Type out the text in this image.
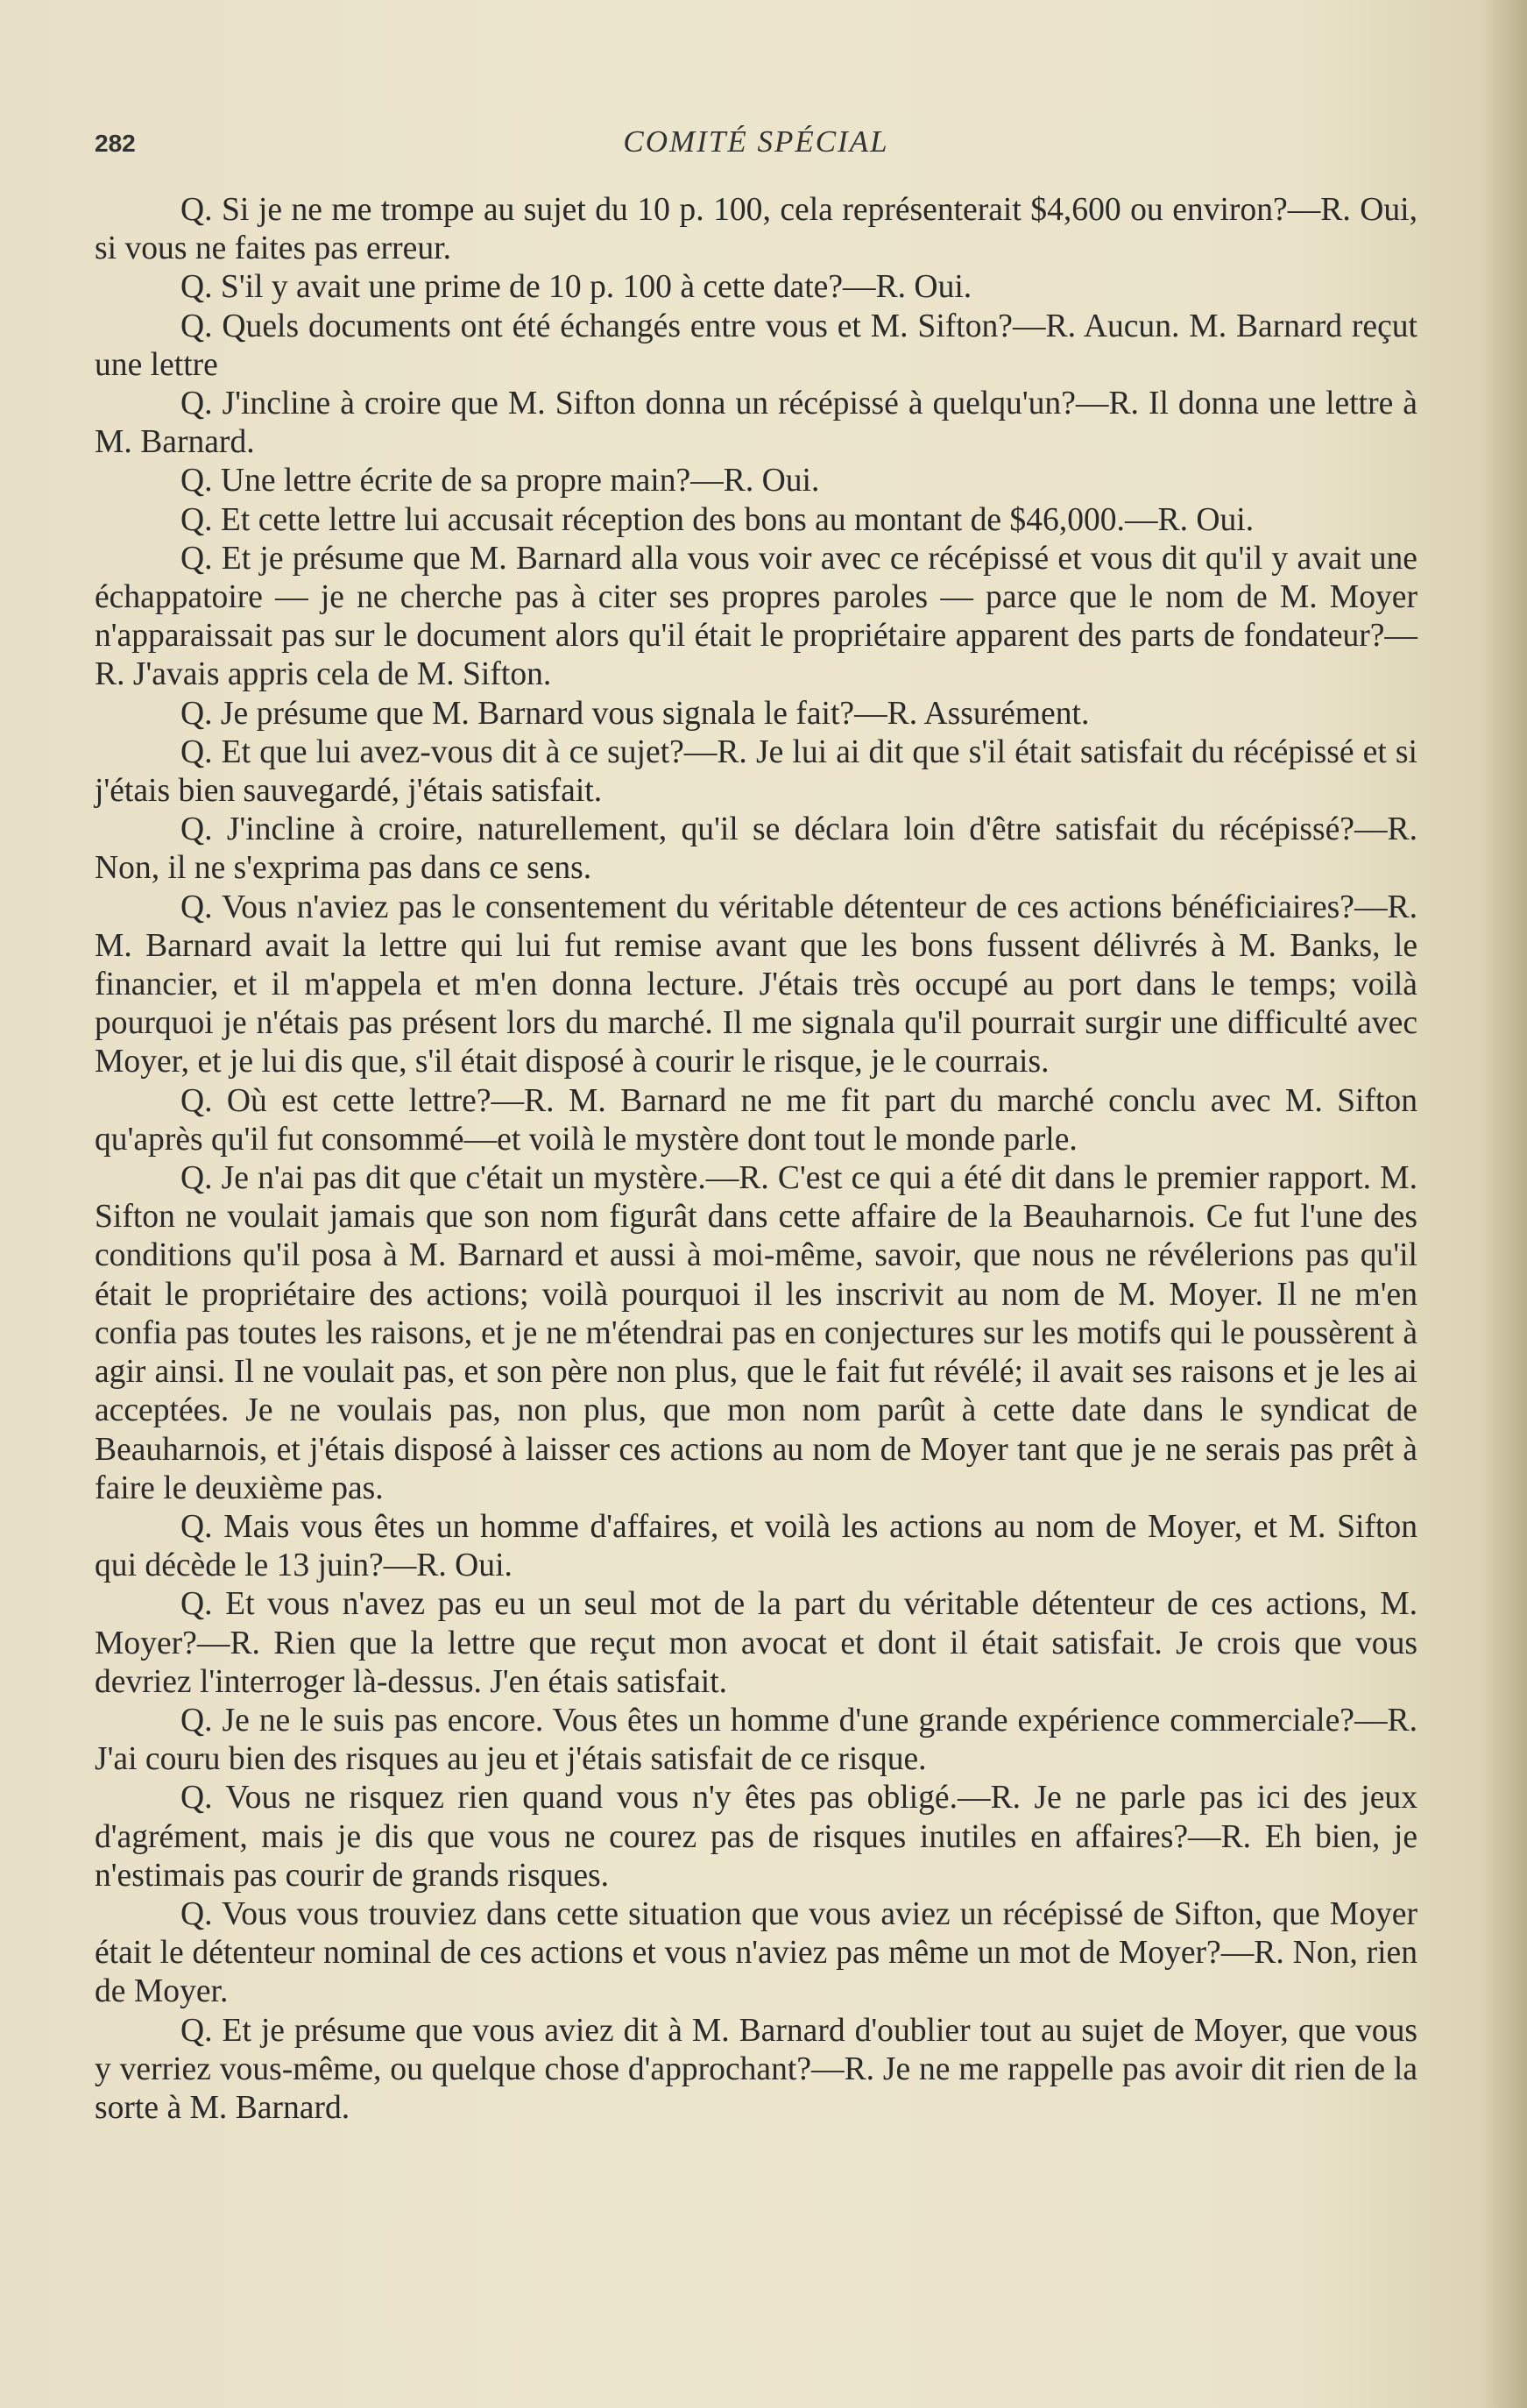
282	COMITÉ SPÉCIAL

Q. Si je ne me trompe au sujet du 10 p. 100, cela représenterait $4,600 ou environ?—R. Oui, si vous ne faites pas erreur.

Q. S'il y avait une prime de 10 p. 100 à cette date?—R. Oui.

Q. Quels documents ont été échangés entre vous et M. Sifton?—R. Aucun. M. Barnard reçut une lettre

Q. J'incline à croire que M. Sifton donna un récépissé à quelqu'un?—R. Il donna une lettre à M. Barnard.

Q. Une lettre écrite de sa propre main?—R. Oui.

Q. Et cette lettre lui accusait réception des bons au montant de $46,000.—R. Oui.

Q. Et je présume que M. Barnard alla vous voir avec ce récépissé et vous dit qu'il y avait une échappatoire — je ne cherche pas à citer ses propres paroles — parce que le nom de M. Moyer n'apparaissait pas sur le document alors qu'il était le propriétaire apparent des parts de fondateur?—R. J'avais appris cela de M. Sifton.

Q. Je présume que M. Barnard vous signala le fait?—R. Assurément.

Q. Et que lui avez-vous dit à ce sujet?—R. Je lui ai dit que s'il était satisfait du récépissé et si j'étais bien sauvegardé, j'étais satisfait.

Q. J'incline à croire, naturellement, qu'il se déclara loin d'être satisfait du récépissé?—R. Non, il ne s'exprima pas dans ce sens.

Q. Vous n'aviez pas le consentement du véritable détenteur de ces actions bénéficiaires?—R. M. Barnard avait la lettre qui lui fut remise avant que les bons fussent délivrés à M. Banks, le financier, et il m'appela et m'en donna lecture. J'étais très occupé au port dans le temps; voilà pourquoi je n'étais pas présent lors du marché. Il me signala qu'il pourrait surgir une difficulté avec Moyer, et je lui dis que, s'il était disposé à courir le risque, je le courrais.

Q. Où est cette lettre?—R. M. Barnard ne me fit part du marché conclu avec M. Sifton qu'après qu'il fut consommé—et voilà le mystère dont tout le monde parle.

Q. Je n'ai pas dit que c'était un mystère.—R. C'est ce qui a été dit dans le premier rapport. M. Sifton ne voulait jamais que son nom figurât dans cette affaire de la Beauharnois. Ce fut l'une des conditions qu'il posa à M. Barnard et aussi à moi-même, savoir, que nous ne révélerions pas qu'il était le propriétaire des actions; voilà pourquoi il les inscrivit au nom de M. Moyer. Il ne m'en confia pas toutes les raisons, et je ne m'étendrai pas en conjectures sur les motifs qui le poussèrent à agir ainsi. Il ne voulait pas, et son père non plus, que le fait fut révélé; il avait ses raisons et je les ai acceptées. Je ne voulais pas, non plus, que mon nom parût à cette date dans le syndicat de Beauharnois, et j'étais disposé à laisser ces actions au nom de Moyer tant que je ne serais pas prêt à faire le deuxième pas.

Q. Mais vous êtes un homme d'affaires, et voilà les actions au nom de Moyer, et M. Sifton qui décède le 13 juin?—R. Oui.

Q. Et vous n'avez pas eu un seul mot de la part du véritable détenteur de ces actions, M. Moyer?—R. Rien que la lettre que reçut mon avocat et dont il était satisfait. Je crois que vous devriez l'interroger là-dessus. J'en étais satisfait.

Q. Je ne le suis pas encore. Vous êtes un homme d'une grande expérience commerciale?—R. J'ai couru bien des risques au jeu et j'étais satisfait de ce risque.

Q. Vous ne risquez rien quand vous n'y êtes pas obligé.—R. Je ne parle pas ici des jeux d'agrément, mais je dis que vous ne courez pas de risques inutiles en affaires?—R. Eh bien, je n'estimais pas courir de grands risques.

Q. Vous vous trouviez dans cette situation que vous aviez un récépissé de Sifton, que Moyer était le détenteur nominal de ces actions et vous n'aviez pas même un mot de Moyer?—R. Non, rien de Moyer.

Q. Et je présume que vous aviez dit à M. Barnard d'oublier tout au sujet de Moyer, que vous y verriez vous-même, ou quelque chose d'approchant?—R. Je ne me rappelle pas avoir dit rien de la sorte à M. Barnard.
